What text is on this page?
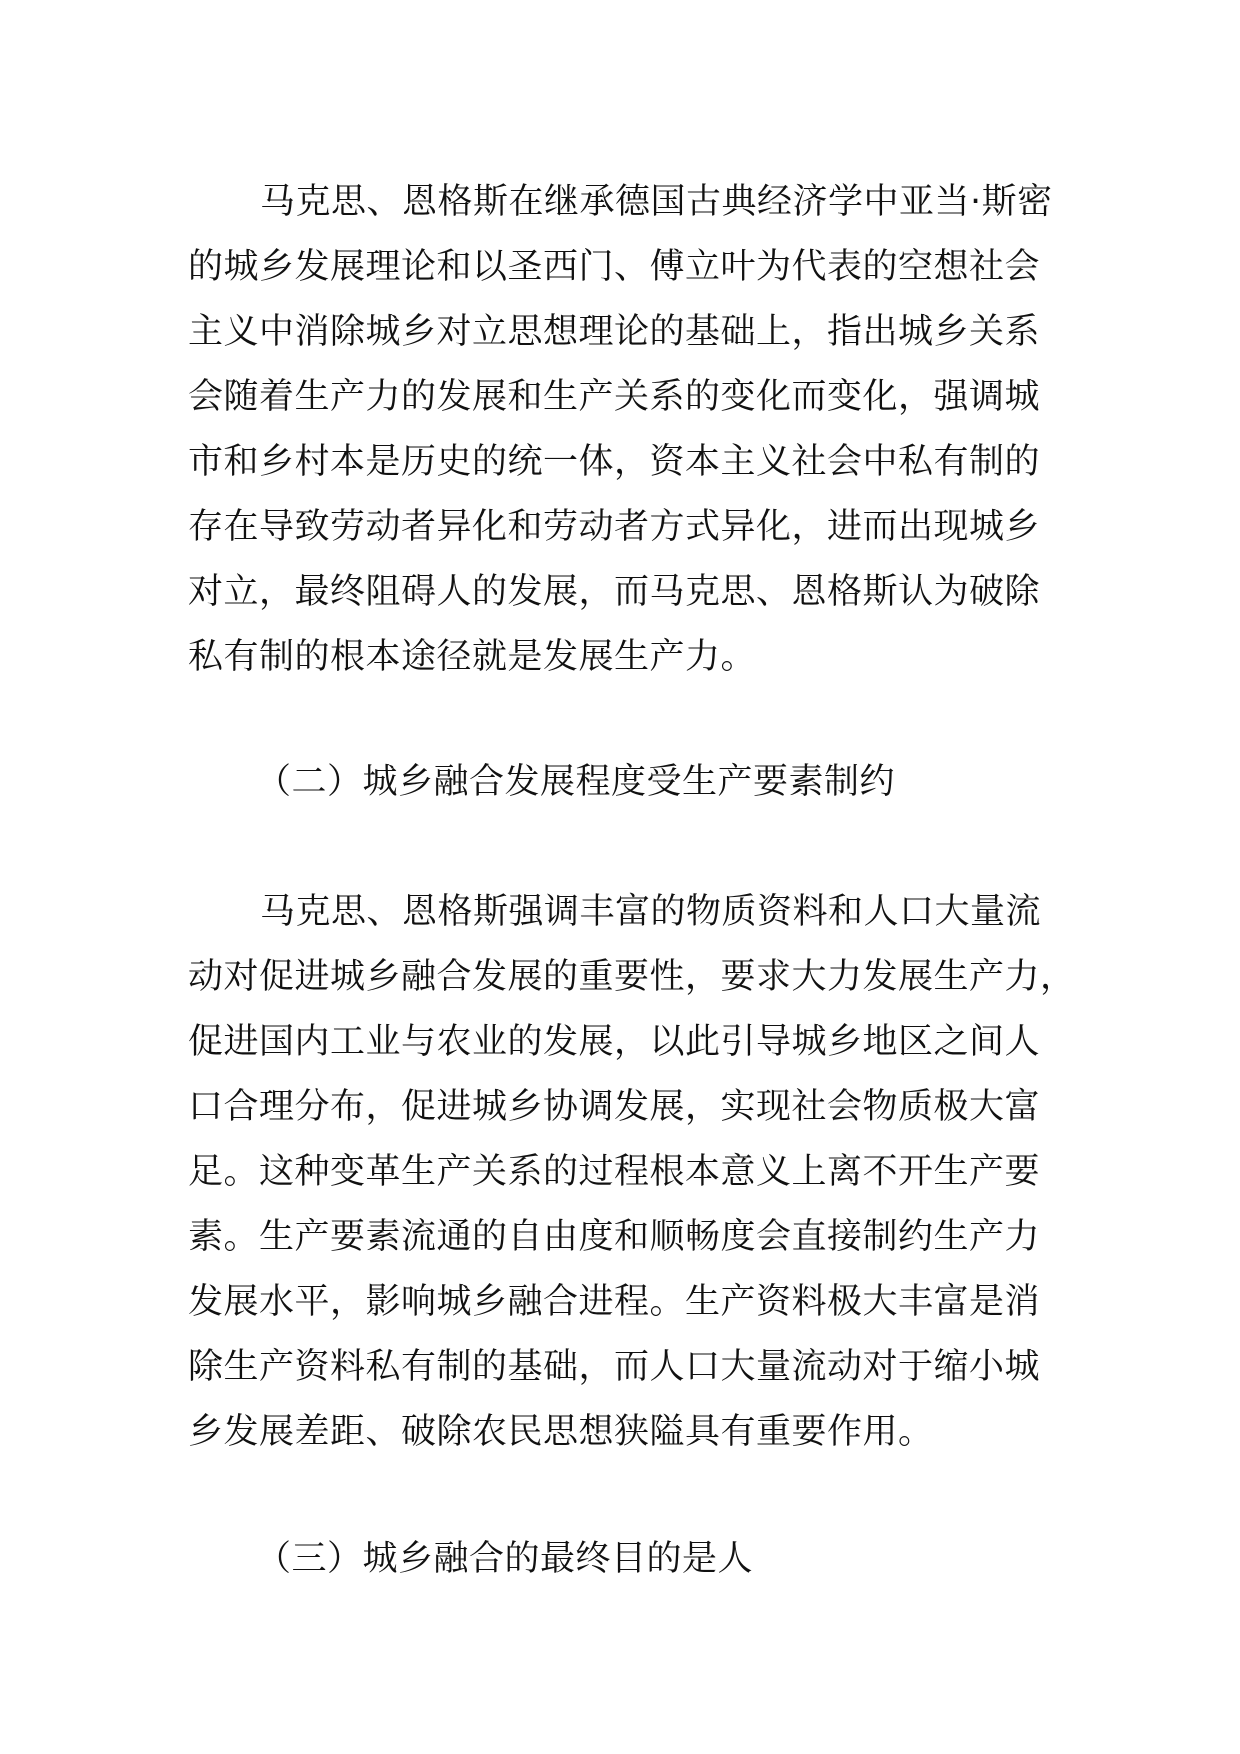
马克思、恩格斯在继承德国古典经济学中亚当·斯密
的城乡发展理论和以圣西门、傅立叶为代表的空想社会
主义中消除城乡对立思想理论的基础上，指出城乡关系
会随着生产力的发展和生产关系的变化而变化，强调城
市和乡村本是历史的统一体，资本主义社会中私有制的
存在导致劳动者异化和劳动者方式异化，进而出现城乡
对立，最终阻碍人的发展，而马克思、恩格斯认为破除
私有制的根本途径就是发展生产力。
（二）城乡融合发展程度受生产要素制约
马克思、恩格斯强调丰富的物质资料和人口大量流
动对促进城乡融合发展的重要性，要求大力发展生产力，
促进国内工业与农业的发展，以此引导城乡地区之间人
口合理分布，促进城乡协调发展，实现社会物质极大富
足。这种变革生产关系的过程根本意义上离不开生产要
素。生产要素流通的自由度和顺畅度会直接制约生产力
发展水平，影响城乡融合进程。生产资料极大丰富是消
除生产资料私有制的基础，而人口大量流动对于缩小城
乡发展差距、破除农民思想狭隘具有重要作用。
（三）城乡融合的最终目的是人
